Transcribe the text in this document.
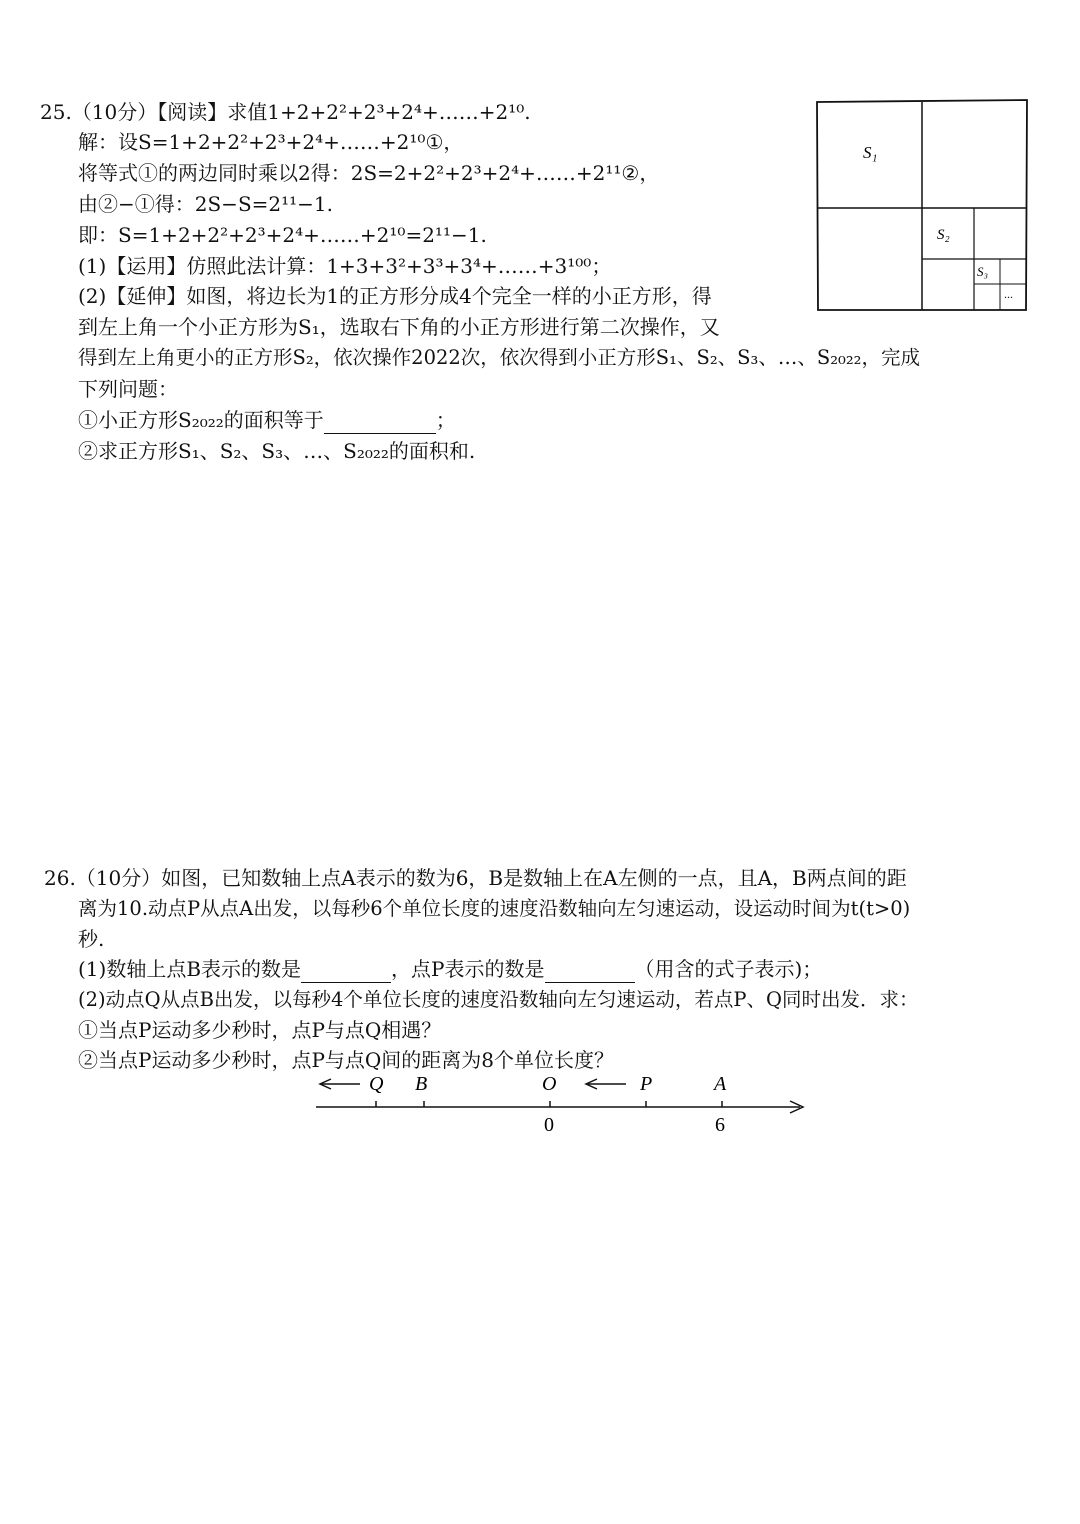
25.（10分）【阅读】求值1+2+2²+2³+2⁴+……+2¹⁰.
解：设S=1+2+2²+2³+2⁴+……+2¹⁰①，
将等式①的两边同时乘以2得：2S=2+2²+2³+2⁴+……+2¹¹②，
由②−①得：2S−S=2¹¹−1.
即：S=1+2+2²+2³+2⁴+……+2¹⁰=2¹¹−1.
(1)【运用】仿照此法计算：1+3+3²+3³+3⁴+……+3¹⁰⁰；
(2)【延伸】如图，将边长为1的正方形分成4个完全一样的小正方形，得
到左上角一个小正方形为S₁，选取右下角的小正方形进行第二次操作，又
得到左上角更小的正方形S₂，依次操作2022次，依次得到小正方形S₁、S₂、S₃、…、S₂₀₂₂，完成
下列问题：
①小正方形S₂₀₂₂的面积等于	；
②求正方形S₁、S₂、S₃、…、S₂₀₂₂的面积和.
S₁
S₂
S₃
...
26.（10分）如图，已知数轴上点A表示的数为6，B是数轴上在A左侧的一点，且A，B两点间的距
离为10.动点P从点A出发，以每秒6个单位长度的速度沿数轴向左匀速运动，设运动时间为t(t>0)
秒.
(1)数轴上点B表示的数是	，点P表示的数是	（用含的式子表示)；
(2)动点Q从点B出发，以每秒4个单位长度的速度沿数轴向左匀速运动，若点P、Q同时出发．求：
①当点P运动多少秒时，点P与点Q相遇？
②当点P运动多少秒时，点P与点Q间的距离为8个单位长度？
Q B	O	P	A
0	6
